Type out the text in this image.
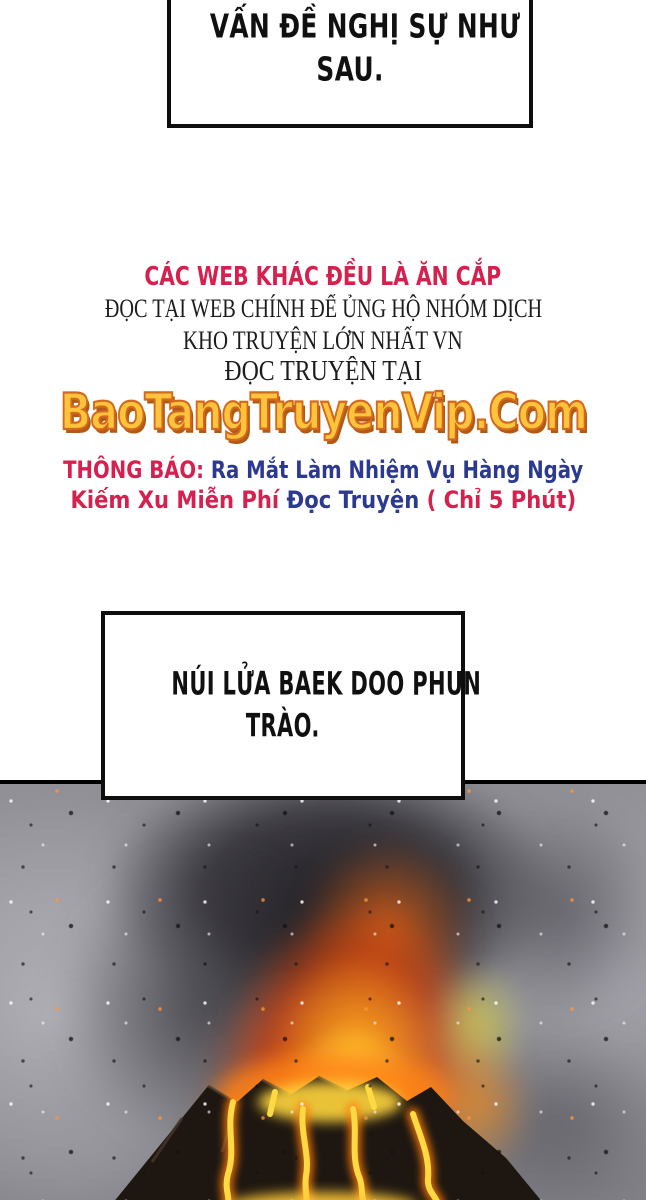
VẤN ĐỀ NGHỊ SỰ NHƯ
SAU.
CÁC WEB KHÁC ĐỀU LÀ ĂN CẮP
ĐỌC TẠI WEB CHÍNH ĐỂ ỦNG HỘ NHÓM DỊCH
KHO TRUYỆN LỚN NHẤT VN
ĐỌC TRUYỆN TẠI
BaoTangTruyenVip.Com
THÔNG BÁO: Ra Mắt Làm Nhiệm Vụ Hàng Ngày
Kiếm Xu Miễn Phí Đọc Truyện ( Chỉ 5 Phút)
NÚI LỬA BAEK DOO PHUN
TRÀO.
